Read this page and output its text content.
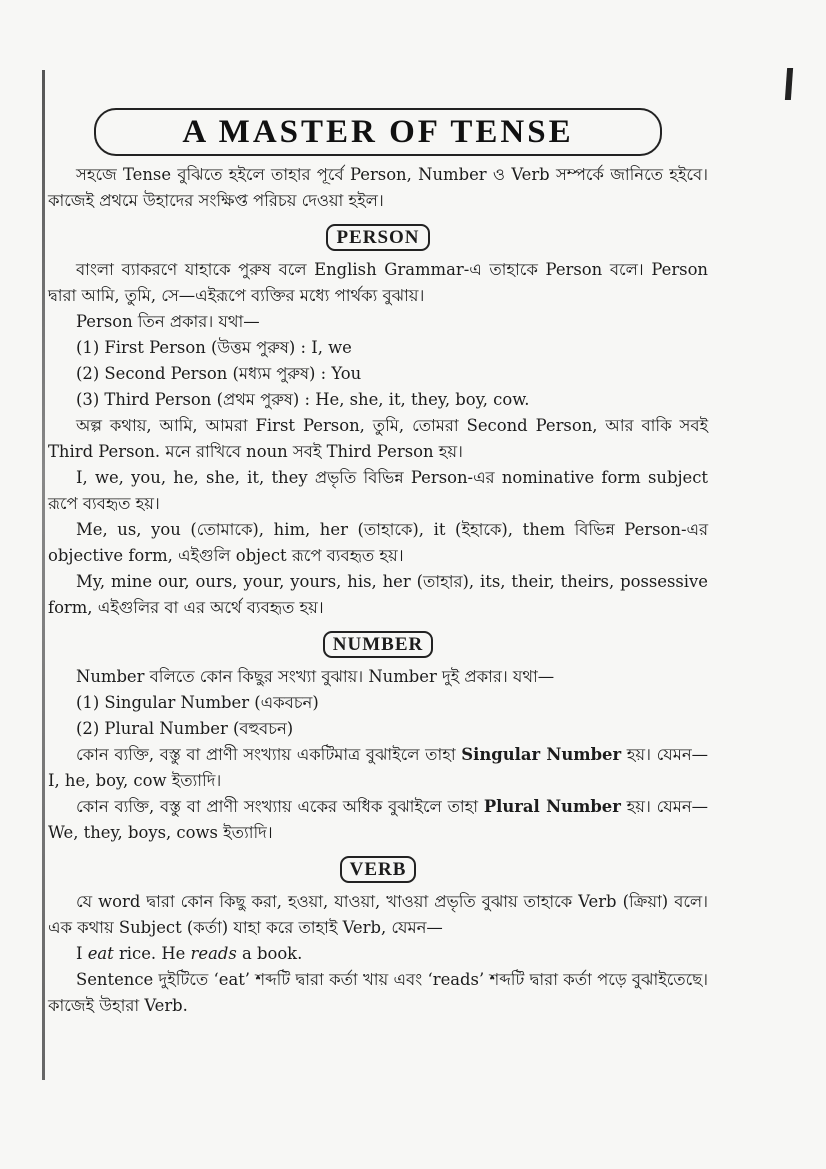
A MASTER OF TENSE

সহজে Tense বুঝিতে হইলে তাহার পূর্বে Person, Number ও Verb সম্পর্কে জানিতে হইবে। কাজেই প্রথমে উহাদের সংক্ষিপ্ত পরিচয় দেওয়া হইল।

PERSON

বাংলা ব্যাকরণে যাহাকে পুরুষ বলে English Grammar-এ তাহাকে Person বলে। Person দ্বারা আমি, তুমি, সে—এইরূপে ব্যক্তির মধ্যে পার্থক্য বুঝায়।

Person তিন প্রকার। যথা—

(1) First Person (উত্তম পুরুষ) : I, we

(2) Second Person (মধ্যম পুরুষ) : You

(3) Third Person (প্রথম পুরুষ) : He, she, it, they, boy, cow.

অল্প কথায়, আমি, আমরা First Person, তুমি, তোমরা Second Person, আর বাকি সবই Third Person. মনে রাখিবে noun সবই Third Person হয়।

I, we, you, he, she, it, they প্রভৃতি বিভিন্ন Person-এর nominative form subject রূপে ব্যবহৃত হয়।

Me, us, you (তোমাকে), him, her (তাহাকে), it (ইহাকে), them বিভিন্ন Person-এর objective form, এইগুলি object রূপে ব্যবহৃত হয়।

My, mine our, ours, your, yours, his, her (তাহার), its, their, theirs, possessive form, এইগুলির বা এর অর্থে ব্যবহৃত হয়।

NUMBER

Number বলিতে কোন কিছুর সংখ্যা বুঝায়। Number দুই প্রকার। যথা—

(1) Singular Number (একবচন)

(2) Plural Number (বহুবচন)

কোন ব্যক্তি, বস্তু বা প্রাণী সংখ্যায় একটিমাত্র বুঝাইলে তাহা Singular Number হয়। যেমন—I, he, boy, cow ইত্যাদি।

কোন ব্যক্তি, বস্তু বা প্রাণী সংখ্যায় একের অধিক বুঝাইলে তাহা Plural Number হয়। যেমন—We, they, boys, cows ইত্যাদি।

VERB

যে word দ্বারা কোন কিছু করা, হওয়া, যাওয়া, খাওয়া প্রভৃতি বুঝায় তাহাকে Verb (ক্রিয়া) বলে। এক কথায় Subject (কর্তা) যাহা করে তাহাই Verb, যেমন—

I eat rice. He reads a book.

Sentence দুইটিতে ‘eat’ শব্দটি দ্বারা কর্তা খায় এবং ‘reads’ শব্দটি দ্বারা কর্তা পড়ে বুঝাইতেছে। কাজেই উহারা Verb.
